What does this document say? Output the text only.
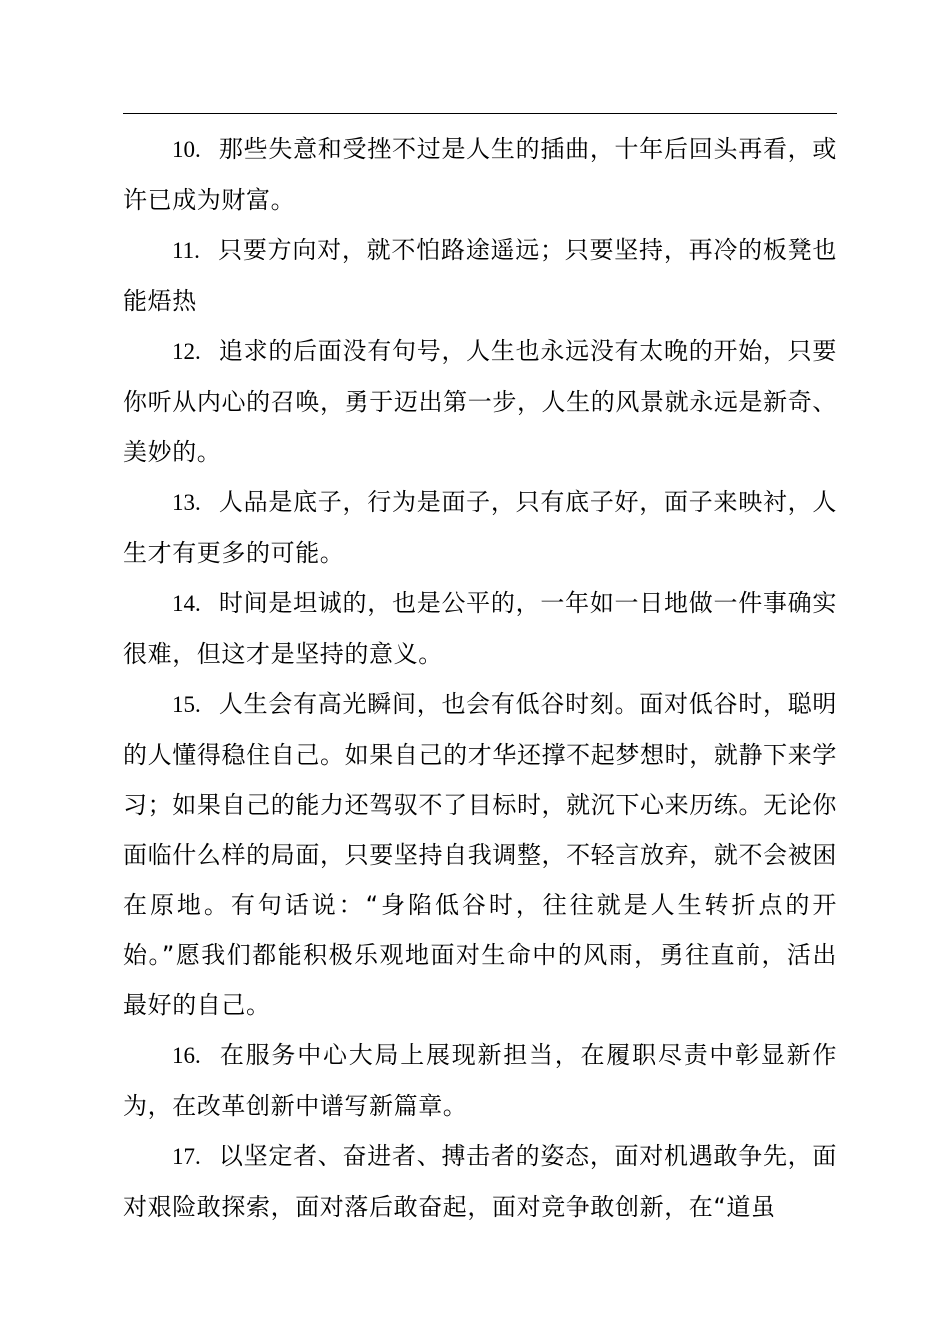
10. 那些失意和受挫不过是人生的插曲，十年后回头再看，或许已成为财富。

11. 只要方向对，就不怕路途遥远；只要坚持，再冷的板凳也能焐热

12. 追求的后面没有句号，人生也永远没有太晚的开始，只要你听从内心的召唤，勇于迈出第一步，人生的风景就永远是新奇、美妙的。

13. 人品是底子，行为是面子，只有底子好，面子来映衬，人生才有更多的可能。

14. 时间是坦诚的，也是公平的，一年如一日地做一件事确实很难，但这才是坚持的意义。

15. 人生会有高光瞬间，也会有低谷时刻。面对低谷时，聪明的人懂得稳住自己。如果自己的才华还撑不起梦想时，就静下来学习；如果自己的能力还驾驭不了目标时，就沉下心来历练。无论你面临什么样的局面，只要坚持自我调整，不轻言放弃，就不会被困在原地。有句话说：“身陷低谷时，往往就是人生转折点的开始。”愿我们都能积极乐观地面对生命中的风雨，勇往直前，活出最好的自己。

16. 在服务中心大局上展现新担当，在履职尽责中彰显新作为，在改革创新中谱写新篇章。

17. 以坚定者、奋进者、搏击者的姿态，面对机遇敢争先，面对艰险敢探索，面对落后敢奋起，面对竞争敢创新，在“道虽
